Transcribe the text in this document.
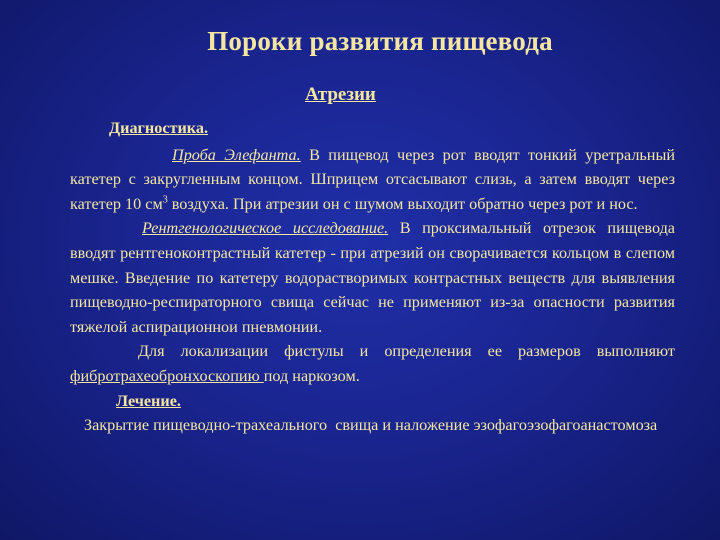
Пороки развития пищевода
Атрезии
Диагностика.

Проба Элефанта. В пищевод через рот вводят тонкий уретральный катетер с закругленным концом. Шприцем отсасывают слизь, а затем вводят через катетер 10 $см^3$ воздуха. При атрезии он с шумом выходит обратно через рот и нос.

Рентгенологическое исследование. В проксимальный отрезок пищевода вводят рентгеноконтрастный катетер - при атрезий он сворачивается кольцом в слепом мешке. Введение по катетеру водорастворимых контрастных веществ для выявления пищеводно-респираторного свища сейчас не применяют из-за опасности развития тяжелой аспирационнои пневмонии.

Для локализации фистулы и определения ее размеров выполняют фибротрахеобронхоскопию под наркозом.

Лечение.

Закрытие пищеводно-трахеального  свища и наложение эзофагоэзофагоанастомоза
